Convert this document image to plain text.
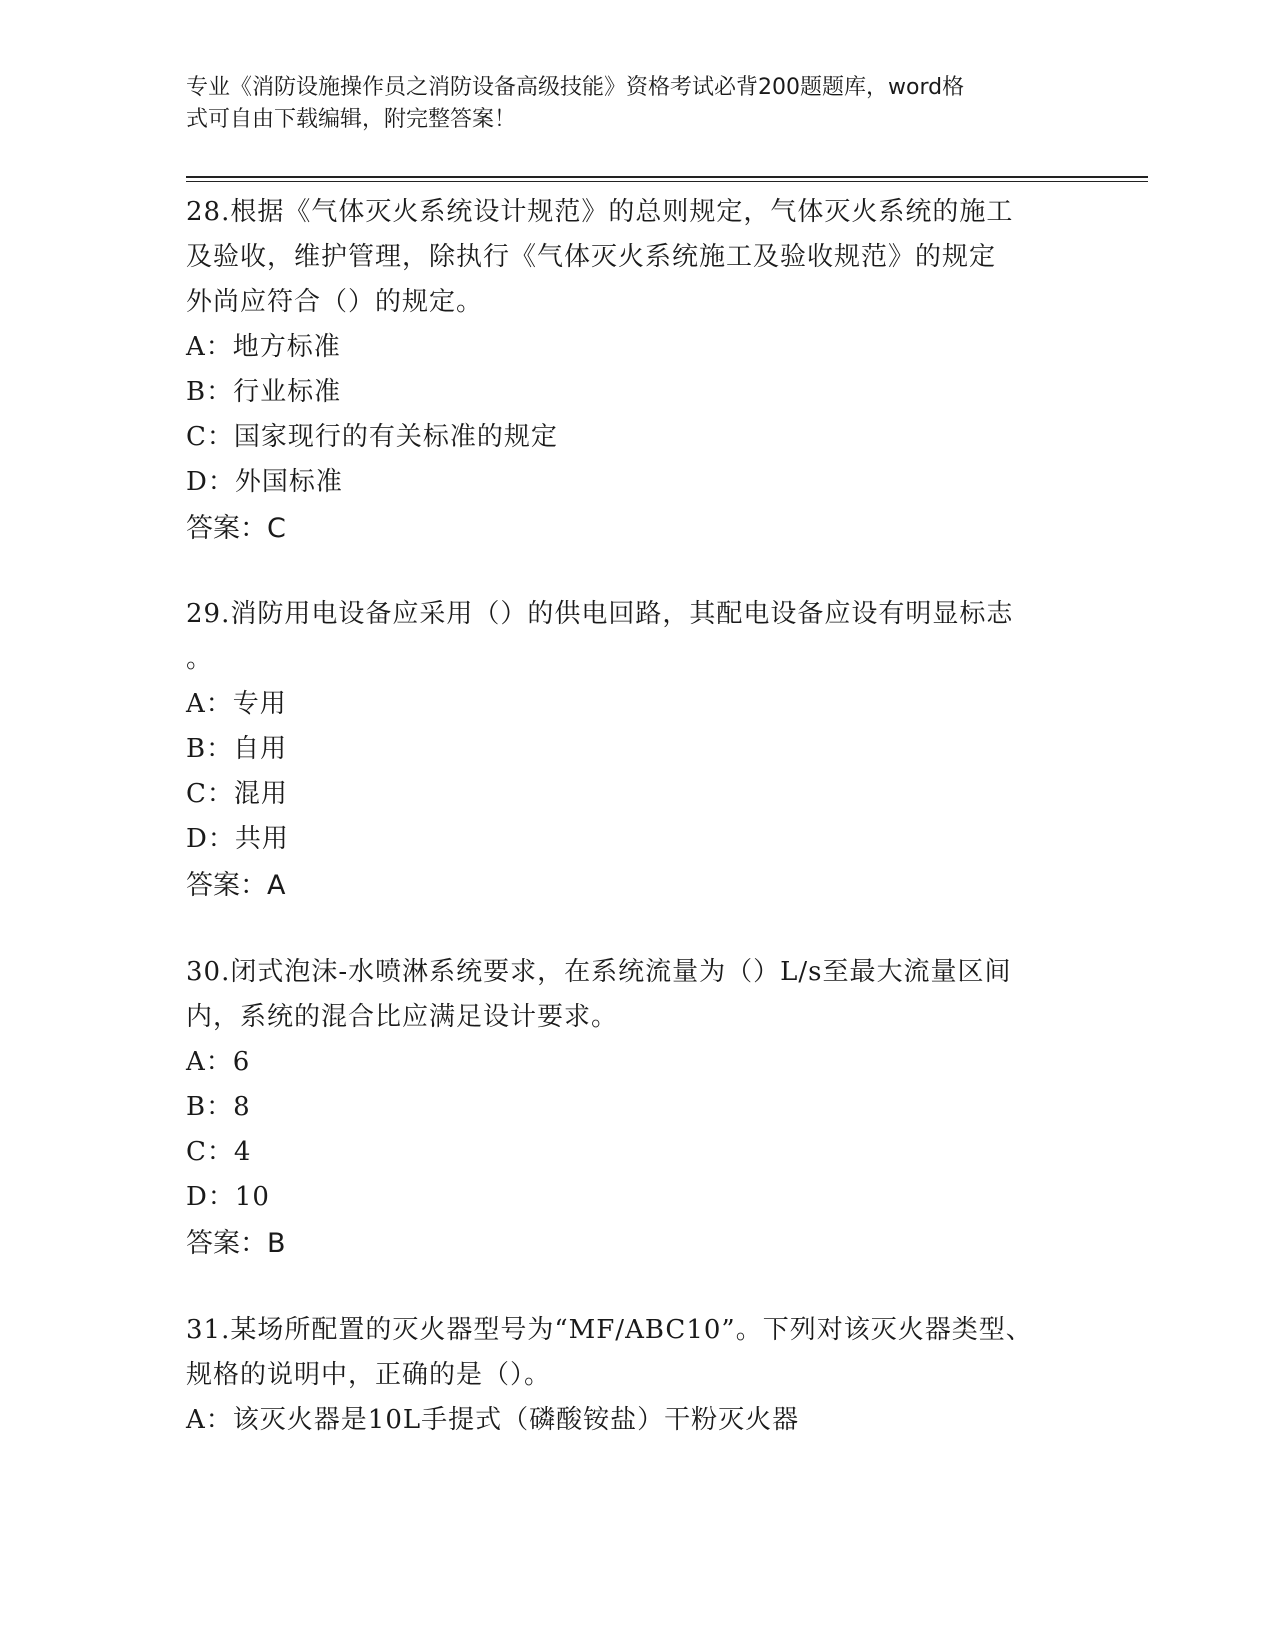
专业《消防设施操作员之消防设备高级技能》资格考试必背200题题库，word格
式可自由下载编辑，附完整答案！
28.根据《气体灭火系统设计规范》的总则规定，气体灭火系统的施工
及验收，维护管理，除执行《气体灭火系统施工及验收规范》的规定
外尚应符合（）的规定。
A：地方标准
B：行业标准
C：国家现行的有关标准的规定
D：外国标准
答案：C
29.消防用电设备应采用（）的供电回路，其配电设备应设有明显标志
。
A：专用
B：自用
C：混用
D：共用
答案：A
30.闭式泡沫-水喷淋系统要求，在系统流量为（）L/s至最大流量区间
内，系统的混合比应满足设计要求。
A：6
B：8
C：4
D：10
答案：B
31.某场所配置的灭火器型号为“MF/ABC10”。下列对该灭火器类型、
规格的说明中，正确的是（）。
A：该灭火器是10L手提式（磷酸铵盐）干粉灭火器
